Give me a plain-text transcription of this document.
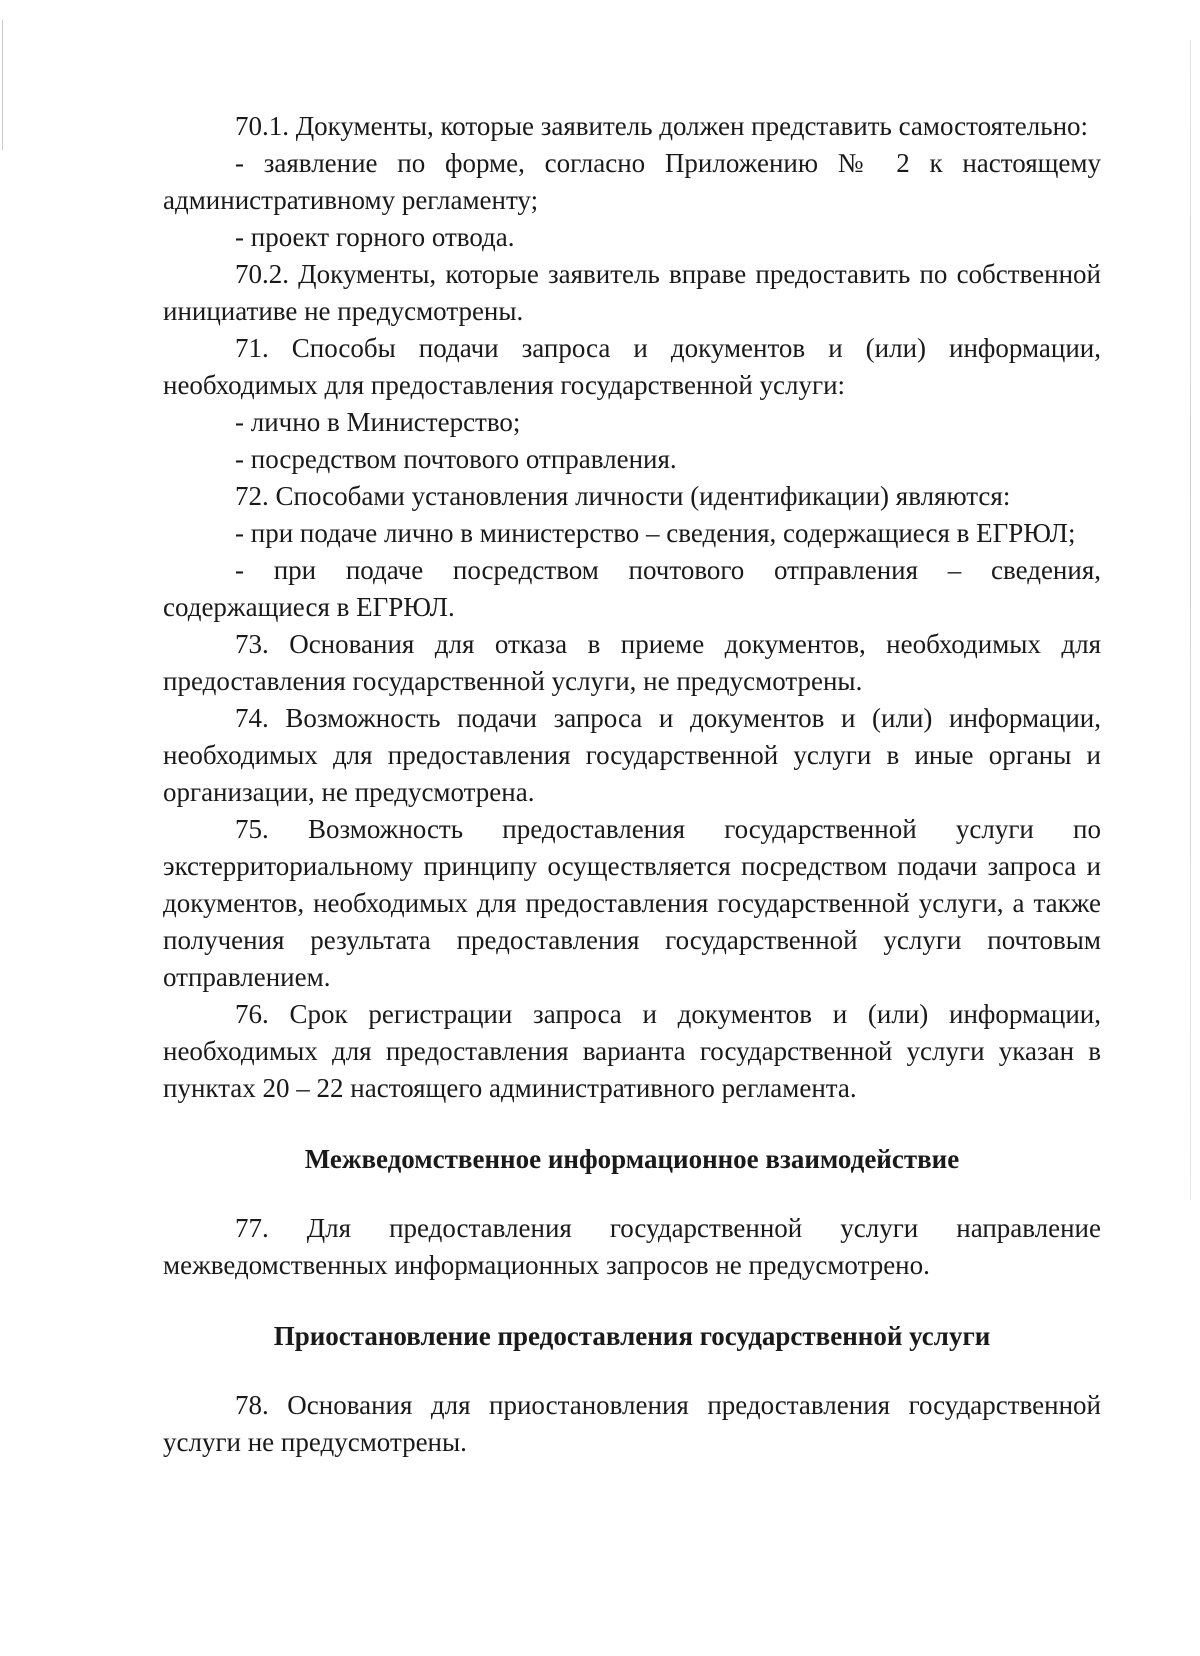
70.1. Документы, которые заявитель должен представить самостоятельно:

- заявление по форме, согласно Приложению № 2 к настоящему административному регламенту;

- проект горного отвода.

70.2. Документы, которые заявитель вправе предоставить по собственной инициативе не предусмотрены.

71. Способы подачи запроса и документов и (или) информации, необходимых для предоставления государственной услуги:

- лично в Министерство;

- посредством почтового отправления.

72. Способами установления личности (идентификации) являются:

- при подаче лично в министерство – сведения, содержащиеся в ЕГРЮЛ;

- при подаче посредством почтового отправления – сведения, содержащиеся в ЕГРЮЛ.

73. Основания для отказа в приеме документов, необходимых для предоставления государственной услуги, не предусмотрены.

74. Возможность подачи запроса и документов и (или) информации, необходимых для предоставления государственной услуги в иные органы и организации, не предусмотрена.

75. Возможность предоставления государственной услуги по экстерриториальному принципу осуществляется посредством подачи запроса и документов, необходимых для предоставления государственной услуги, а также получения результата предоставления государственной услуги почтовым отправлением.

76. Срок регистрации запроса и документов и (или) информации, необходимых для предоставления варианта государственной услуги указан в пунктах 20 – 22 настоящего административного регламента.

Межведомственное информационное взаимодействие

77. Для предоставления государственной услуги направление межведомственных информационных запросов не предусмотрено.

Приостановление предоставления государственной услуги

78. Основания для приостановления предоставления государственной услуги не предусмотрены.
